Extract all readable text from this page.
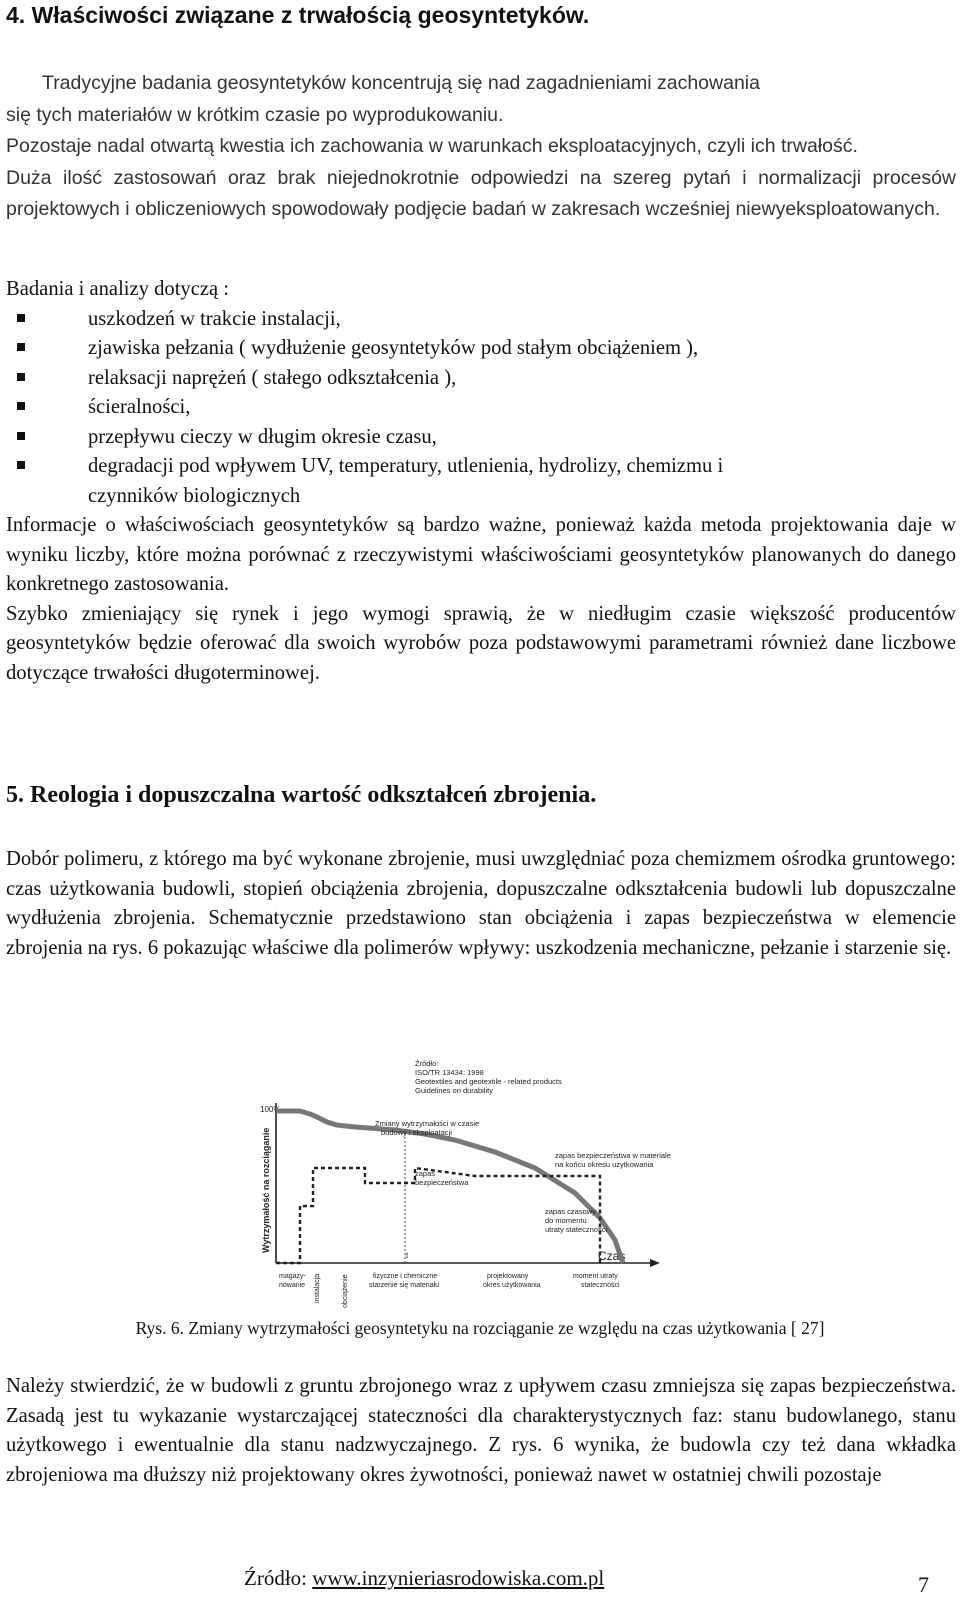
4. Właściwości związane z trwałością geosyntetyków.

Tradycyjne badania geosyntetyków koncentrują się nad zagadnieniami zachowania

się tych materiałów w krótkim czasie po wyprodukowaniu.

Pozostaje nadal otwartą kwestia ich zachowania w warunkach eksploatacyjnych, czyli ich trwałość.

Duża ilość zastosowań oraz brak niejednokrotnie odpowiedzi na szereg pytań i normalizacji procesów projektowych i obliczeniowych spowodowały podjęcie badań w zakresach wcześniej niewyeksploatowanych.

Badania i analizy dotyczą :

uszkodzeń w trakcie instalacji,
zjawiska pełzania ( wydłużenie geosyntetyków pod stałym obciążeniem ),
relaksacji naprężeń ( stałego odkształcenia ),
ścieralności,
przepływu cieczy w długim okresie czasu,
degradacji pod wpływem UV, temperatury, utlenienia, hydrolizy, chemizmu i
czynników biologicznych

Informacje o właściwościach geosyntetyków są bardzo ważne, ponieważ każda metoda projektowania daje w wyniku liczby, które można porównać z rzeczywistymi właściwościami geosyntetyków planowanych do danego konkretnego zastosowania.

Szybko zmieniający się rynek i jego wymogi sprawią, że w niedługim czasie większość producentów geosyntetyków będzie oferować dla swoich wyrobów poza podstawowymi parametrami również dane liczbowe dotyczące trwałości długoterminowej.

5. Reologia i dopuszczalna wartość odkształceń zbrojenia.

Dobór polimeru, z którego ma być wykonane zbrojenie, musi uwzględniać poza chemizmem ośrodka gruntowego: czas użytkowania budowli, stopień obciążenia zbrojenia, dopuszczalne odkształcenia budowli lub dopuszczalne wydłużenia zbrojenia. Schematycznie przedstawiono stan obciążenia i zapas bezpieczeństwa w elemencie zbrojenia na rys. 6 pokazując właściwe dla polimerów wpływy: uszkodzenia mechaniczne, pełzanie i starzenie się.

Źródło:
ISO/TR 13434: 1998
Geotextiles and geotextile - related products
Guidelines on durability
Wytrzymałość na rozciąganie
100%
Czas
t
Zmiany wytrzymałości w czasie
budowy i eksploatacji
zapas bezpieczeństwa w materiale
na końcu okresu użytkowania
zapas
bezpieczeństwa
zapas czasowy
do momentu
utraty stateczności
magazy-
nowanie instalacja	obciążenie	fizyczne i chemiczne
starzenie się materiału
projektowany
okres użytkowania
moment utraty
stateczności
Rys. 6. Zmiany wytrzymałości geosyntetyku na rozciąganie ze względu na czas użytkowania [ 27]

Należy stwierdzić, że w budowli z gruntu zbrojonego wraz z upływem czasu zmniejsza się zapas bezpieczeństwa. Zasadą jest tu wykazanie wystarczającej stateczności dla charakterystycznych faz: stanu budowlanego, stanu użytkowego i ewentualnie dla stanu nadzwyczajnego. Z rys. 6 wynika, że budowla czy też dana wkładka zbrojeniowa ma dłuższy niż projektowany okres żywotności, ponieważ nawet w ostatniej chwili pozostaje

Źródło: www.inzynieriasrodowiska.com.pl	7
